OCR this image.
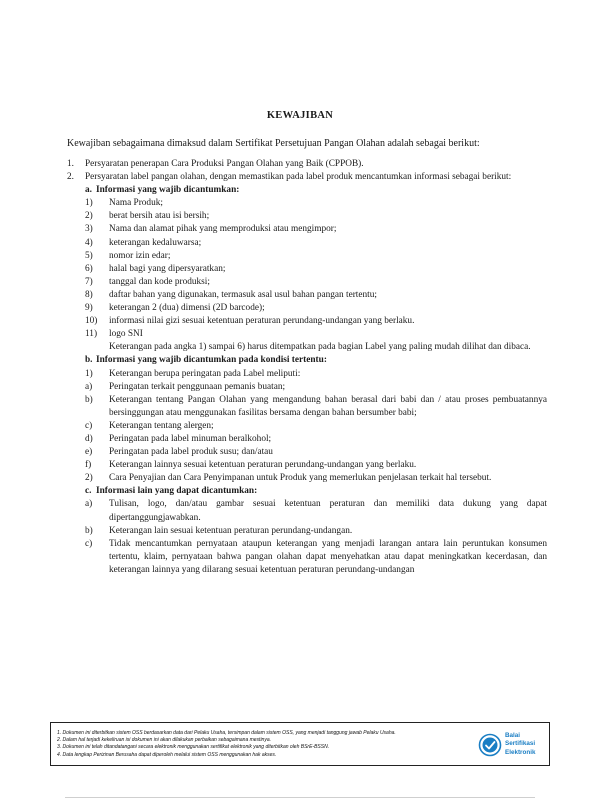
KEWAJIBAN
Kewajiban sebagaimana dimaksud dalam Sertifikat Persetujuan Pangan Olahan adalah sebagai berikut:
1.	Persyaratan penerapan Cara Produksi Pangan Olahan yang Baik (CPPOB).
2.	Persyaratan label pangan olahan, dengan memastikan pada label produk mencantumkan informasi sebagai berikut:
a. Informasi yang wajib dicantumkan:
1)	Nama Produk;
2)	berat bersih atau isi bersih;
3)	Nama dan alamat pihak yang memproduksi atau mengimpor;
4)	keterangan kedaluwarsa;
5)	nomor izin edar;
6)	halal bagi yang dipersyaratkan;
7)	tanggal dan kode produksi;
8)	daftar bahan yang digunakan, termasuk asal usul bahan pangan tertentu;
9)	keterangan 2 (dua) dimensi (2D barcode);
10)	informasi nilai gizi sesuai ketentuan peraturan perundang-undangan yang berlaku.
11)	logo SNI
Keterangan pada angka 1) sampai 6) harus ditempatkan pada bagian Label yang paling mudah dilihat dan dibaca.
b. Informasi yang wajib dicantumkan pada kondisi tertentu:
1)	Keterangan berupa peringatan pada Label meliputi:
a)	Peringatan terkait penggunaan pemanis buatan;
b)	Keterangan tentang Pangan Olahan yang mengandung bahan berasal dari babi dan / atau proses pembuatannya bersinggungan atau menggunakan fasilitas bersama dengan bahan bersumber babi;
c)	Keterangan tentang alergen;
d)	Peringatan pada label minuman beralkohol;
e)	Peringatan pada label produk susu; dan/atau
f)	Keterangan lainnya sesuai ketentuan peraturan perundang-undangan yang berlaku.
2)	Cara Penyajian dan Cara Penyimpanan untuk Produk yang memerlukan penjelasan terkait hal tersebut.
c. Informasi lain yang dapat dicantumkan:
a)	Tulisan, logo, dan/atau gambar sesuai ketentuan peraturan dan memiliki data dukung yang dapat dipertanggungjawabkan.
b)	Keterangan lain sesuai ketentuan peraturan perundang-undangan.
c)	Tidak mencantumkan pernyataan ataupun keterangan yang menjadi larangan antara lain peruntukan konsumen tertentu, klaim, pernyataan bahwa pangan olahan dapat menyehatkan atau dapat meningkatkan kecerdasan, dan keterangan lainnya yang dilarang sesuai ketentuan peraturan perundang-undangan
1. Dokumen ini diterbitkan sistem OSS berdasarkan data dari Pelaku Usaha, tersimpan dalam sistem OSS, yang menjadi tanggung jawab Pelaku Usaha.
2. Dalam hal terjadi kekeliruan isi dokumen ini akan dilakukan perbaikan sebagaimana mestinya.
3. Dokumen ini telah ditandatangani secara elektronik menggunakan sertifikat elektronik yang diterbitkan oleh BSrE-BSSN.
4. Data lengkap Perizinan Berusaha dapat diperoleh melalui sistem OSS menggunakan hak akses.
Balai
Sertifikasi
Elektronik
